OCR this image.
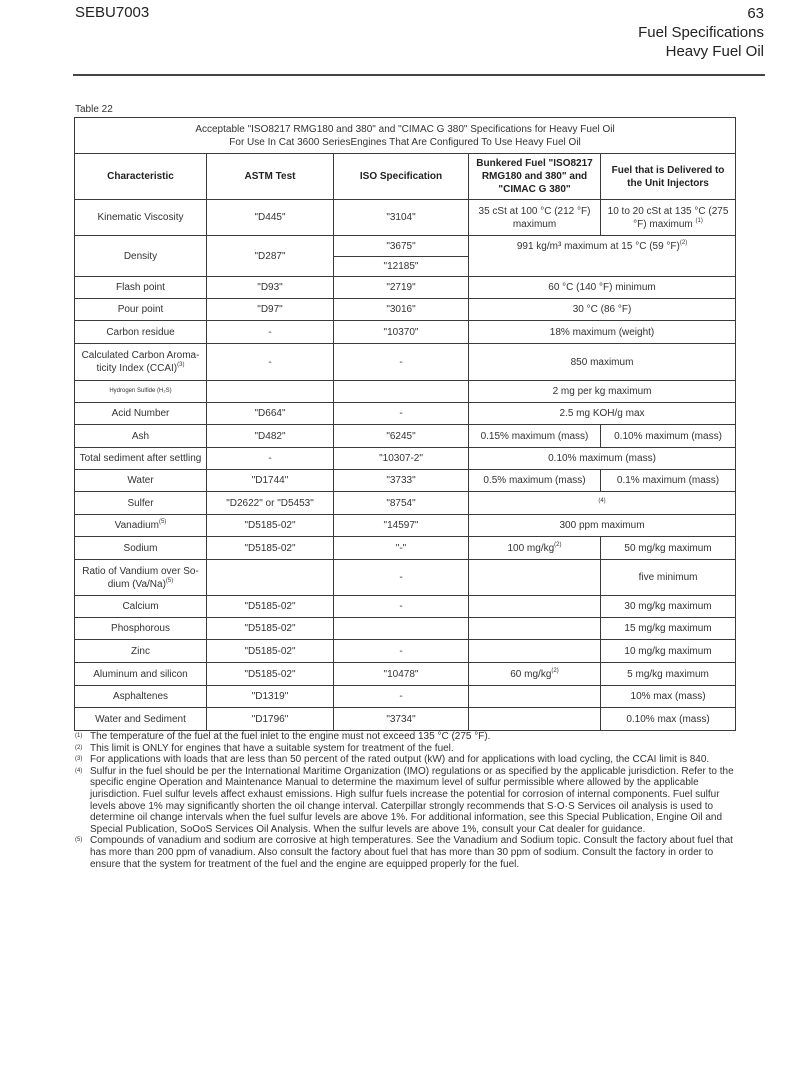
SEBU7003	63
Fuel Specifications
Heavy Fuel Oil
Table 22
Acceptable "ISO8217 RMG180 and 380" and "CIMAC G 380" Specifications for Heavy Fuel Oil
For Use In Cat 3600 SeriesEngines That Are Configured To Use Heavy Fuel Oil				

Characteristic	ASTM Test	ISO Specification	Bunkered Fuel "ISO8217 RMG180 and 380" and "CIMAC G 380"	Fuel that is Delivered to the Unit Injectors
Kinematic Viscosity	"D445"	"3104"	35 cSt at 100 °C (212 °F) maximum	10 to 20 cSt at 135 °C (275 °F) maximum $^{(1)}$
Density	"D287"	"3675"	991 kg/m³ maximum at 15 °C (59 °F)$^{(2)}$
		"12185"		
Flash point	"D93"	"2719"	60 °C (140 °F) minimum	
Pour point	"D97"	"3016"	30 °C (86 °F)	
Carbon residue	-	"10370"	18% maximum (weight)	
Calculated Carbon Aroma-ticity Index (CCAI)$^{(3)}$	-	-	850 maximum	
Hydrogen Sulfide (H₂S)			2 mg per kg maximum	
Acid Number	"D664"	-	2.5 mg KOH/g max	
Ash	"D482"	"6245"	0.15% maximum (mass)	0.10% maximum (mass)
Total sediment after settling	-	"10307-2"	0.10% maximum (mass)	
Water	"D1744"	"3733"	0.5% maximum (mass)	0.1% maximum (mass)
Sulfer	"D2622" or "D5453"	"8754"	(4)	
Vanadium$^{(5)}$	"D5185-02"	"14597"	300 ppm maximum	
Sodium	"D5185-02"	"-"	100 $mg/kg^{(2)}$	50 mg/kg maximum
Ratio of Vandium over So-dium $(Va/Na)^{(5)}$		-		five minimum
Calcium	"D5185-02"	-		30 mg/kg maximum
Phosphorous	"D5185-02"			15 mg/kg maximum
Zinc	"D5185-02"	-		10 mg/kg maximum
Aluminum and silicon	"D5185-02"	"10478"	60 $mg/kg^{(2)}$	5 mg/kg maximum
Asphaltenes	"D1319"	-		10% max (mass)
Water and Sediment	"D1796"	"3734"		0.10% max (mass)
(1) The temperature of the fuel at the fuel inlet to the engine must not exceed 135 °C (275 °F).
(2) This limit is ONLY for engines that have a suitable system for treatment of the fuel.
(3) For applications with loads that are less than 50 percent of the rated output (kW) and for applications with load cycling, the CCAI limit is 840.
(4) Sulfur in the fuel should be per the International Maritime Organization (IMO) regulations or as specified by the applicable jurisdiction. Refer to the specific engine Operation and Maintenance Manual to determine the maximum level of sulfur permissible where allowed by the applicable jurisdiction. Fuel sulfur levels affect exhaust emissions. High sulfur fuels increase the potential for corrosion of internal components. Fuel sulfur levels above 1% may significantly shorten the oil change interval. Caterpillar strongly recommends that S·O·S Services oil analysis is used to determine oil change intervals when the fuel sulfur levels are above 1%. For additional information, see this Special Publication, Engine Oil and Special Publication, SoOoS Services Oil Analysis. When the sulfur levels are above 1%, consult your Cat dealer for guidance.
(5) Compounds of vanadium and sodium are corrosive at high temperatures. See the Vanadium and Sodium topic. Consult the factory about fuel that has more than 200 ppm of vanadium. Also consult the factory about fuel that has more than 30 ppm of sodium. Consult the factory in order to ensure that the system for treatment of the fuel and the engine are equipped properly for the fuel.
